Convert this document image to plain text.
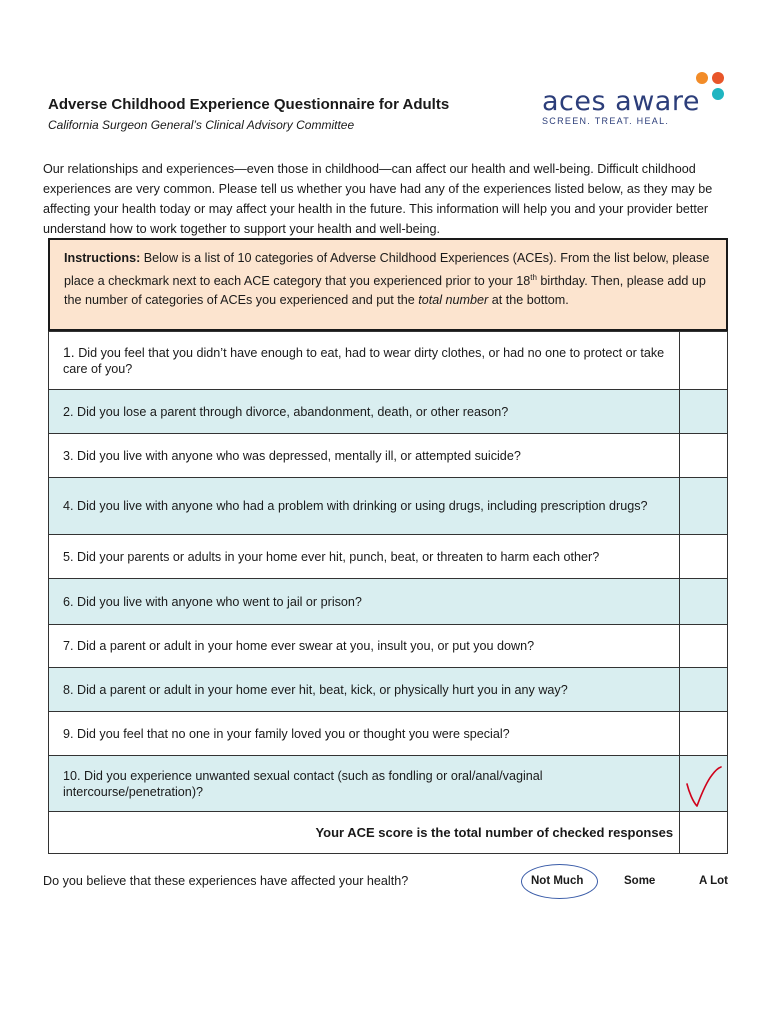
Adverse Childhood Experience Questionnaire for Adults
California Surgeon General’s Clinical Advisory Committee
aces aware
SCREEN. TREAT. HEAL.
Our relationships and experiences—even those in childhood—can affect our health and well-being. Difficult childhood experiences are very common. Please tell us whether you have had any of the experiences listed below, as they may be affecting your health today or may affect your health in the future. This information will help you and your provider better understand how to work together to support your health and well-being.
Instructions: Below is a list of 10 categories of Adverse Childhood Experiences (ACEs). From the list below, please place a checkmark next to each ACE category that you experienced prior to your 18th birthday. Then, please add up the number of categories of ACEs you experienced and put the total number at the bottom.
1. Did you feel that you didn’t have enough to eat, had to wear dirty clothes, or had no one to protect or take care of you?	
2. Did you lose a parent through divorce, abandonment, death, or other reason?	
3. Did you live with anyone who was depressed, mentally ill, or attempted suicide?	
4. Did you live with anyone who had a problem with drinking or using drugs, including prescription drugs?	
5. Did your parents or adults in your home ever hit, punch, beat, or threaten to harm each other?	
6. Did you live with anyone who went to jail or prison?	
7. Did a parent or adult in your home ever swear at you, insult you, or put you down?	
8. Did a parent or adult in your home ever hit, beat, kick, or physically hurt you in any way?	
9. Did you feel that no one in your family loved you or thought you were special?	
10. Did you experience unwanted sexual contact (such as fondling or oral/anal/vaginal intercourse/penetration)?	

Your ACE score is the total number of checked responses	
Do you believe that these experiences have affected your health?	Not Much	Some	A Lot
